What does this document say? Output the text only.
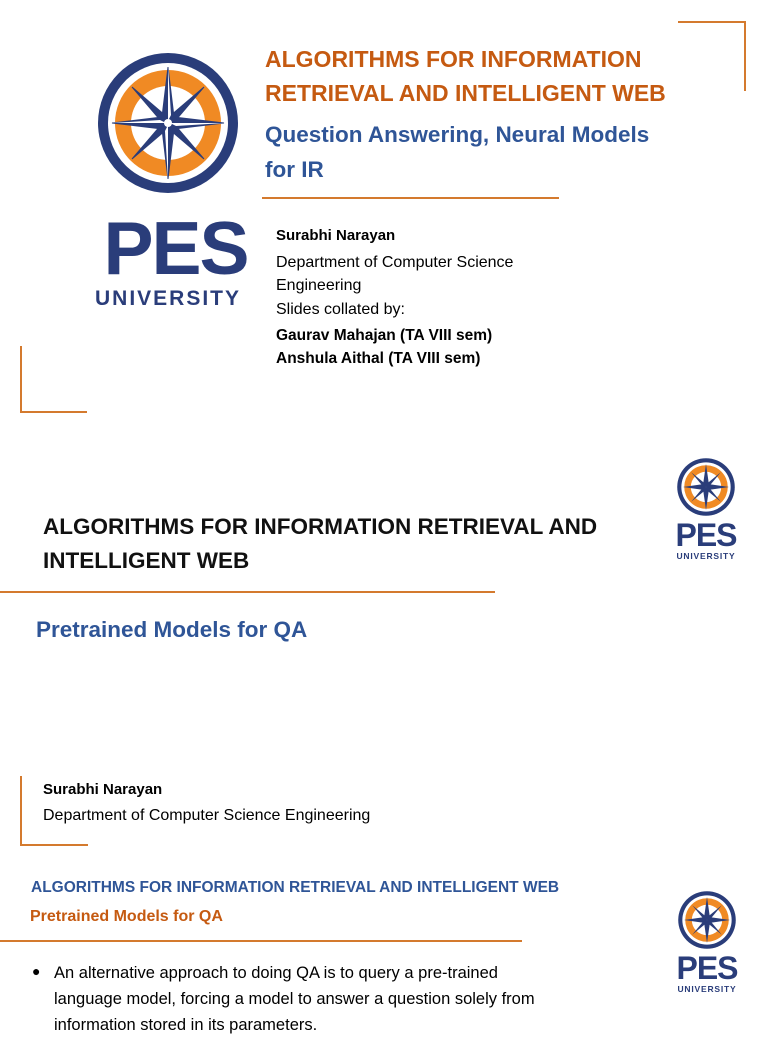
PES
UNIVERSITY
ALGORITHMS FOR INFORMATION RETRIEVAL AND INTELLIGENT WEB
Question Answering, Neural Models for IR
Surabhi Narayan
Department of Computer Science Engineering
Slides collated by:
Gaurav Mahajan (TA VIII sem)
Anshula Aithal (TA VIII sem)
PES
UNIVERSITY
ALGORITHMS FOR INFORMATION RETRIEVAL AND INTELLIGENT WEB
Pretrained Models for QA
Surabhi Narayan
Department of Computer Science Engineering
ALGORITHMS FOR INFORMATION RETRIEVAL AND INTELLIGENT WEB
Pretrained Models for QA
PES
UNIVERSITY
● An alternative approach to doing QA is to query a pre-trained language model, forcing a model to answer a question solely from information stored in its parameters.
